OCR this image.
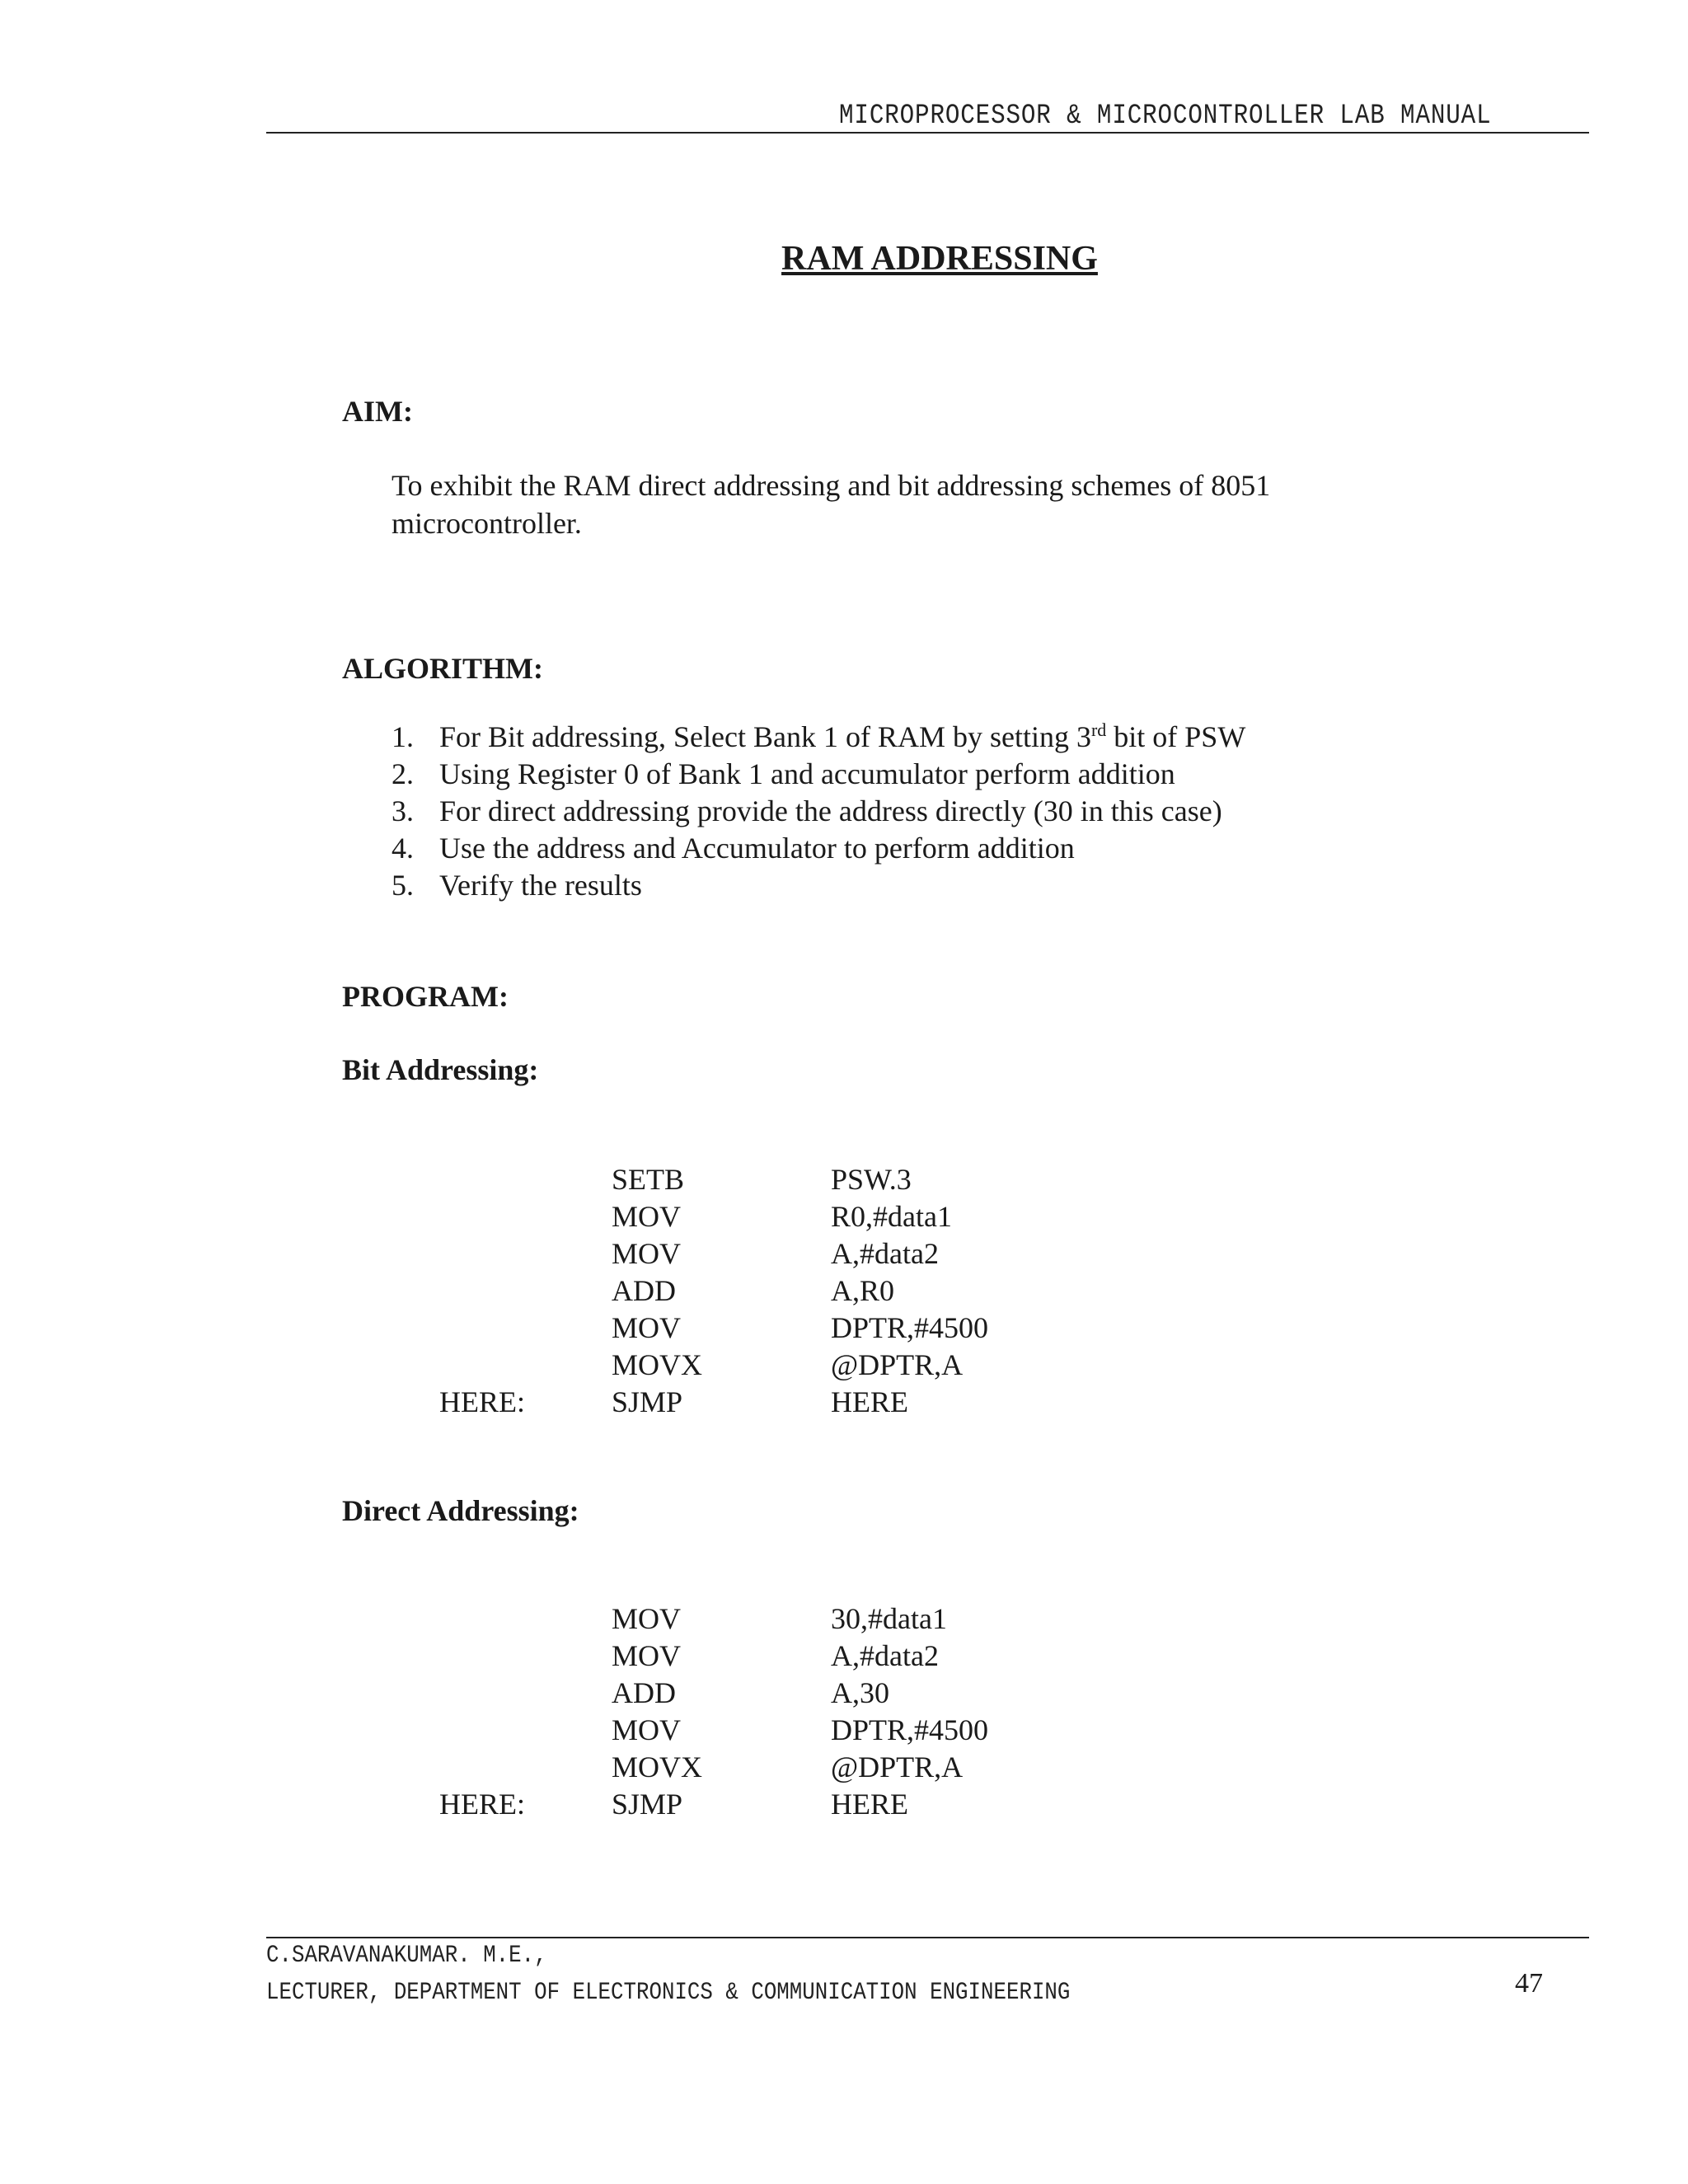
MICROPROCESSOR & MICROCONTROLLER LAB MANUAL
RAM ADDRESSING
AIM:
To exhibit the RAM direct addressing and bit addressing schemes of 8051
microcontroller.
ALGORITHM:
1. For Bit addressing, Select Bank 1 of RAM by setting 3rd bit of PSW
2. Using Register 0 of Bank 1 and accumulator perform addition
3. For direct addressing provide the address directly (30 in this case)
4. Use the address and Accumulator to perform addition
5. Verify the results
PROGRAM:
Bit Addressing:
SETB	PSW.3
MOV	R0,#data1
MOV	A,#data2
ADD	A,R0
MOV	DPTR,#4500
MOVX	@DPTR,A
HERE:	SJMP	HERE
Direct Addressing:
MOV	30,#data1
MOV	A,#data2
ADD	A,30
MOV	DPTR,#4500
MOVX	@DPTR,A
HERE:	SJMP	HERE
C.SARAVANAKUMAR. M.E.,
LECTURER, DEPARTMENT OF ELECTRONICS & COMMUNICATION ENGINEERING	47
